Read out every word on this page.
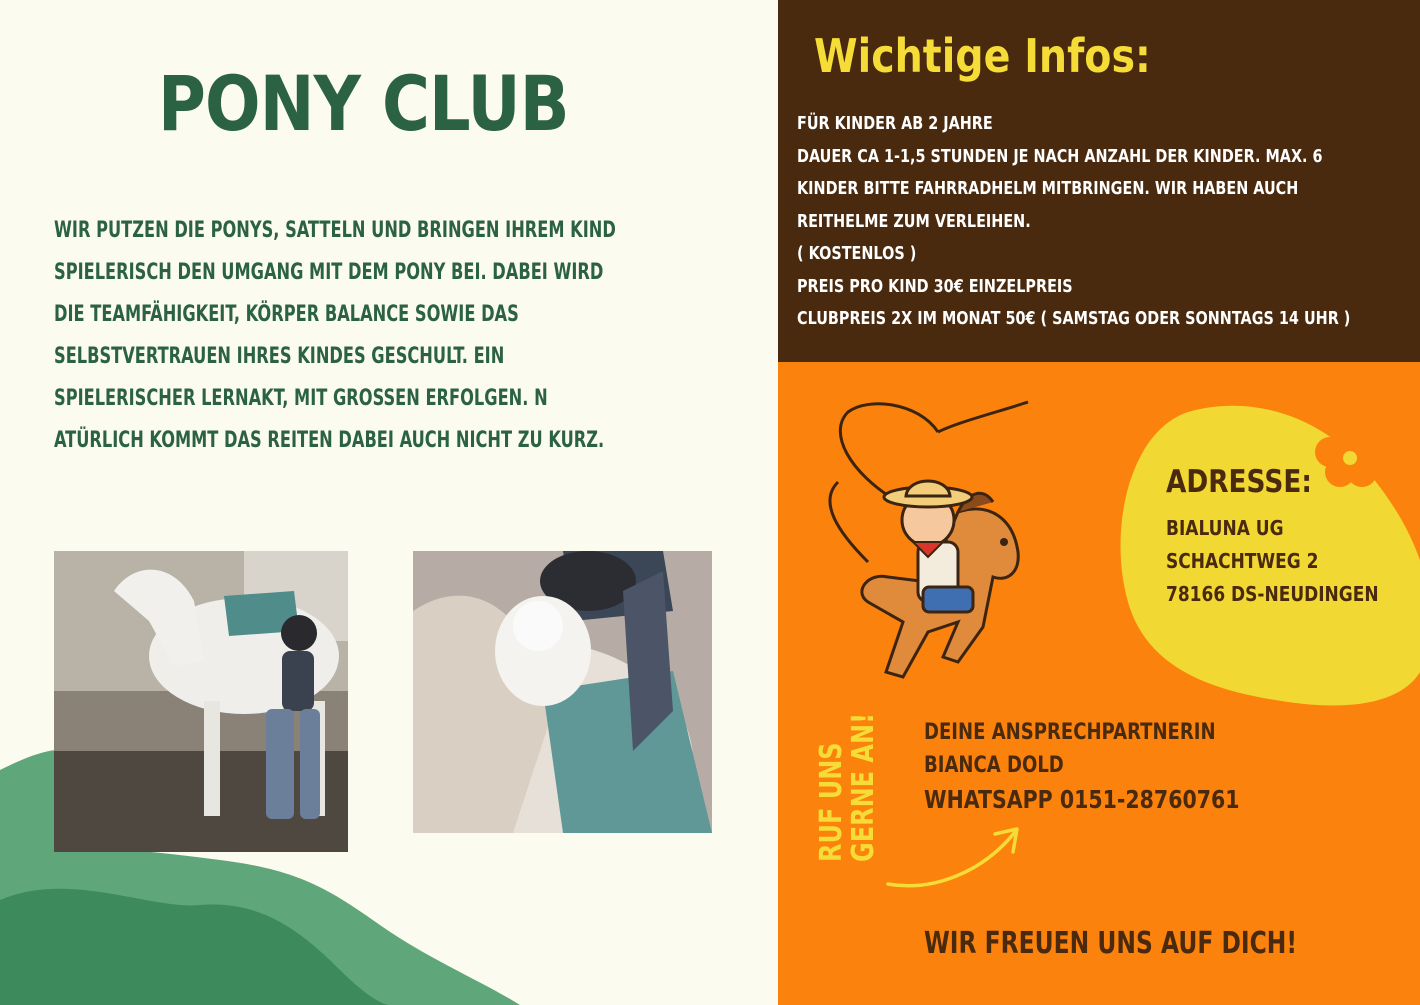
PONY CLUB
WIR PUTZEN DIE PONYS, SATTELN UND BRINGEN IHREM KIND
SPIELERISCH DEN UMGANG MIT DEM PONY BEI. DABEI WIRD
DIE TEAMFÄHIGKEIT, KÖRPER BALANCE SOWIE DAS
SELBSTVERTRAUEN IHRES KINDES GESCHULT. EIN
SPIELERISCHER LERNAKT, MIT GROSSEN ERFOLGEN. N
ATÜRLICH KOMMT DAS REITEN DABEI AUCH NICHT ZU KURZ.
Wichtige Infos:
FÜR KINDER AB 2 JAHRE
DAUER CA 1-1,5 STUNDEN JE NACH ANZAHL DER KINDER. MAX. 6
KINDER BITTE FAHRRADHELM MITBRINGEN. WIR HABEN AUCH
REITHELME ZUM VERLEIHEN.
( KOSTENLOS )
PREIS PRO KIND 30€ EINZELPREIS
CLUBPREIS 2X IM MONAT 50€ ( SAMSTAG ODER SONNTAGS 14 UHR )
ADRESSE:
BIALUNA UG
SCHACHTWEG 2
78166 DS-NEUDINGEN
RUF UNS
GERNE AN! DEINE ANSPRECHPARTNERIN
BIANCA DOLD
WHATSAPP 0151-28760761
WIR FREUEN UNS AUF DICH!
